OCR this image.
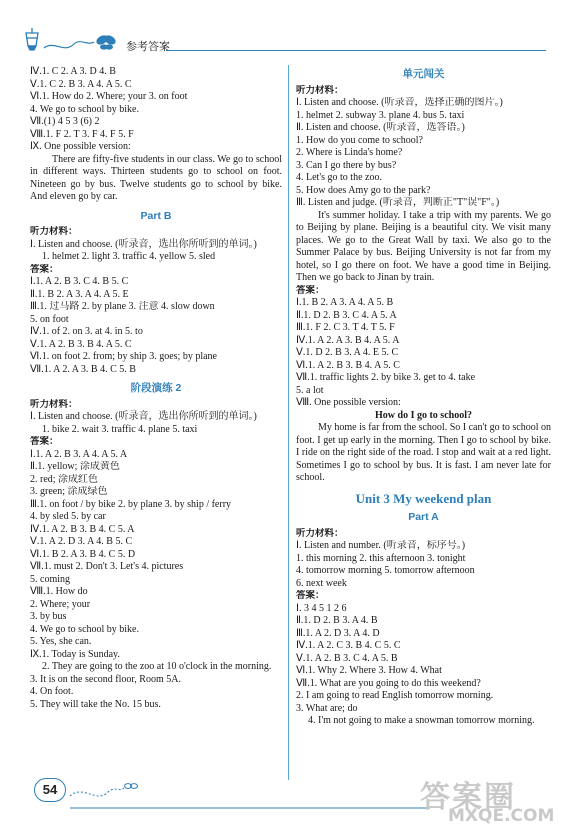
参考答案
Ⅳ.1. C 2. A 3. D 4. B
Ⅴ.1. C 2. B 3. A 4. A 5. C
Ⅵ.1. How do 2. Where; your 3. on foot
4. We go to school by bike.
Ⅶ.(1) 4 5 3 (6) 2
Ⅷ.1. F 2. T 3. F 4. F 5. F
Ⅸ. One possible version:
There are fifty-five students in our class. We go to school in different ways. Thirteen students go to school on foot. Nineteen go by bus. Twelve students go to school by bike. And eleven go by car.
Part B
听力材料：
Ⅰ. Listen and choose. (听录音，选出你所听到的单词。)
1. helmet 2. light 3. traffic 4. yellow 5. sled
答案：
Ⅰ.1. A 2. B 3. C 4. B 5. C
Ⅱ.1. B 2. A 3. A 4. A 5. E
Ⅲ.1. 过马路 2. by plane 3. 注意 4. slow down
5. on foot
Ⅳ.1. of 2. on 3. at 4. in 5. to
Ⅴ.1. A 2. B 3. B 4. A 5. C
Ⅵ.1. on foot 2. from; by ship 3. goes; by plane
Ⅶ.1. A 2. A 3. B 4. C 5. B
阶段演练 2
听力材料：
Ⅰ. Listen and choose. (听录音，选出你所听到的单词。)
1. bike 2. wait 3. traffic 4. plane 5. taxi
答案：
Ⅰ.1. A 2. B 3. A 4. A 5. A
Ⅱ.1. yellow; 涂成黄色
2. red; 涂成红色
3. green; 涂成绿色
Ⅲ.1. on foot / by bike 2. by plane 3. by ship / ferry
4. by sled 5. by car
Ⅳ.1. A 2. B 3. B 4. C 5. A
Ⅴ.1. A 2. D 3. A 4. B 5. C
Ⅵ.1. B 2. A 3. B 4. C 5. D
Ⅶ.1. must 2. Don't 3. Let's 4. pictures
5. coming
Ⅷ.1. How do
2. Where; your
3. by bus
4. We go to school by bike.
5. Yes, she can.
Ⅸ.1. Today is Sunday.
2. They are going to the zoo at 10 o'clock in the morning.
3. It is on the second floor, Room 5A.
4. On foot.
5. They will take the No. 15 bus.
单元闯关
听力材料：
Ⅰ. Listen and choose. (听录音，选择正确的图片。)
1. helmet 2. subway 3. plane 4. bus 5. taxi
Ⅱ. Listen and choose. (听录音，选答语。)
1. How do you come to school?
2. Where is Linda's home?
3. Can I go there by bus?
4. Let's go to the zoo.
5. How does Amy go to the park?
Ⅲ. Listen and judge. (听录音，判断正"T"误"F"。)
It's summer holiday. I take a trip with my parents. We go to Beijing by plane. Beijing is a beautiful city. We visit many places. We go to the Great Wall by taxi. We also go to the Summer Palace by bus. Beijing University is not far from my hotel, so I go there on foot. We have a good time in Beijing. Then we go back to Jinan by train.
答案：
Ⅰ.1. B 2. A 3. A 4. A 5. B
Ⅱ.1. D 2. B 3. C 4. A 5. A
Ⅲ.1. F 2. C 3. T 4. T 5. F
Ⅳ.1. A 2. A 3. B 4. A 5. A
Ⅴ.1. D 2. B 3. A 4. E 5. C
Ⅵ.1. A 2. B 3. B 4. A 5. C
Ⅶ.1. traffic lights 2. by bike 3. get to 4. take
5. a lot
Ⅷ. One possible version:
How do I go to school?
My home is far from the school. So I can't go to school on foot. I get up early in the morning. Then I go to school by bike. I ride on the right side of the road. I stop and wait at a red light. Sometimes I go to school by bus. It is fast. I am never late for school.
Unit 3 My weekend plan
Part A
听力材料：
Ⅰ. Listen and number. (听录音，标序号。)
1. this morning 2. this afternoon 3. tonight
4. tomorrow morning 5. tomorrow afternoon
6. next week
答案：
Ⅰ. 3 4 5 1 2 6
Ⅱ.1. D 2. B 3. A 4. B
Ⅲ.1. A 2. D 3. A 4. D
Ⅳ.1. A 2. C 3. B 4. C 5. C
Ⅴ.1. A 2. B 3. C 4. A 5. B
Ⅵ.1. Why 2. Where 3. How 4. What
Ⅶ.1. What are you going to do this weekend?
2. I am going to read English tomorrow morning.
3. What are; do
4. I'm not going to make a snowman tomorrow morning.
54	答案圈
MXQE.COM
